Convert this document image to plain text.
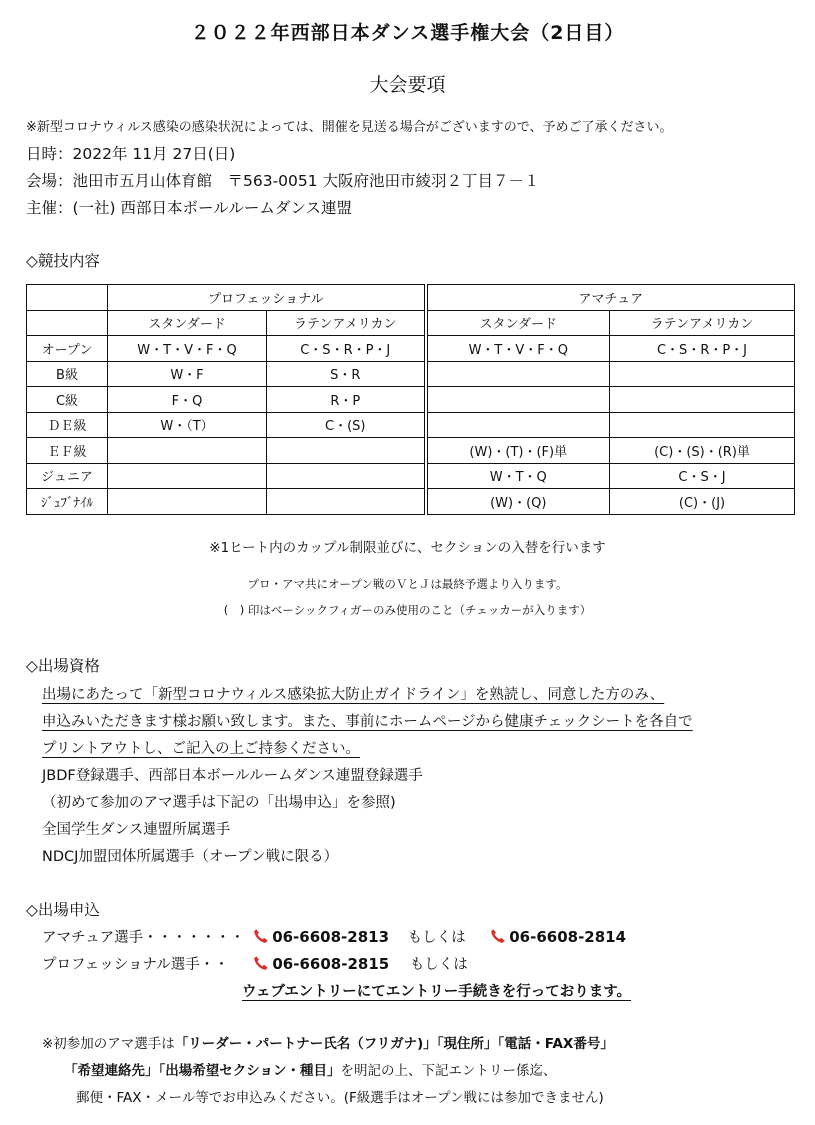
２０２２年西部日本ダンス選手権大会（2日目）
大会要項
※新型コロナウィルス感染の感染状況によっては、開催を見送る場合がございますので、予めご了承ください。
日時：2022年 11月 27日(日)
会場：池田市五月山体育館　〒563-0051 大阪府池田市綾羽２丁目７－１
主催：(一社) 西部日本ボールルームダンス連盟
◇競技内容
	プロフェッショナル		アマチュア	
	スタンダード	ラテンアメリカン	スタンダード	ラテンアメリカン
オープン	W・T・V・F・Q	C・S・R・P・J	W・T・V・F・Q	C・S・R・P・J
B級	W・F	S・R		
C級	F・Q	R・P		
ＤＥ級	W・（T）	C・(S)		
ＥＦ級			(W)・(T)・(F)単	(C)・(S)・(R)単
ジュニア			W・T・Q	C・S・J
ｼﾞｭﾌﾞﾅｲﾙ			(W)・(Q)	(C)・(J)
※1ヒート内のカップル制限並びに、セクションの入替を行います
プロ・アマ共にオープン戦のＶとＪは最終予選より入ります。
(　) 印はベーシックフィガーのみ使用のこと（チェッカーが入ります）
◇出場資格
出場にあたって「新型コロナウィルス感染拡大防止ガイドライン」を熟読し、同意した方のみ、
申込みいただきます様お願い致します。また、事前にホームページから健康チェックシートを各自で
プリントアウトし、ご記入の上ご持参ください。
JBDF登録選手、西部日本ボールルームダンス連盟登録選手
（初めて参加のアマ選手は下記の「出場申込」を参照)
全国学生ダンス連盟所属選手
NDCJ加盟団体所属選手（オープン戦に限る）
◇出場申込
アマチュア選手・・・・・・・ 06-6608-2813 もしくは	06-6608-2814
プロフェッショナル選手・・	06-6608-2815 もしくは
ウェブエントリーにてエントリー手続きを行っております。
※初参加のアマ選手は「リーダー・パートナー氏名（フリガナ)」「現住所」「電話・FAX番号」
「希望連絡先」「出場希望セクション・種目」を明記の上、下記エントリー係迄、
郵便・FAX・メール等でお申込みください。(F級選手はオープン戦には参加できません)
